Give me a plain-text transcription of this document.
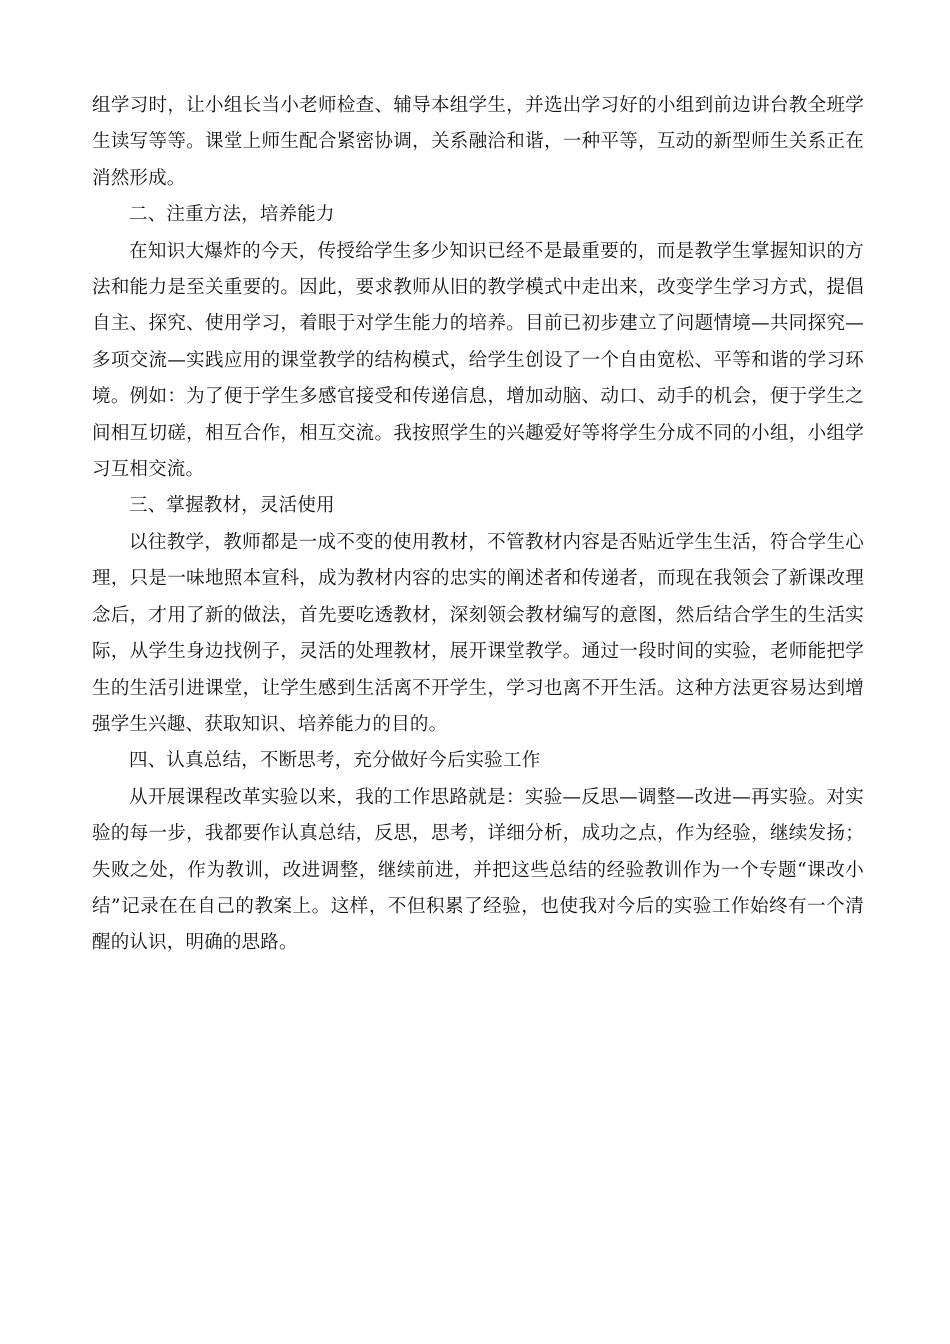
组学习时，让小组长当小老师检查、辅导本组学生，并选出学习好的小组到前边讲台教全班学生读写等等。课堂上师生配合紧密协调，关系融洽和谐，一种平等，互动的新型师生关系正在消然形成。

二、注重方法，培养能力

在知识大爆炸的今天，传授给学生多少知识已经不是最重要的，而是教学生掌握知识的方法和能力是至关重要的。因此，要求教师从旧的教学模式中走出来，改变学生学习方式，提倡自主、探究、使用学习，着眼于对学生能力的培养。目前已初步建立了问题情境—共同探究—多项交流—实践应用的课堂教学的结构模式，给学生创设了一个自由宽松、平等和谐的学习环境。例如：为了便于学生多感官接受和传递信息，增加动脑、动口、动手的机会，便于学生之间相互切磋，相互合作，相互交流。我按照学生的兴趣爱好等将学生分成不同的小组，小组学习互相交流。

三、掌握教材，灵活使用

以往教学，教师都是一成不变的使用教材，不管教材内容是否贴近学生生活，符合学生心理，只是一味地照本宣科，成为教材内容的忠实的阐述者和传递者，而现在我领会了新课改理念后，才用了新的做法，首先要吃透教材，深刻领会教材编写的意图，然后结合学生的生活实际，从学生身边找例子，灵活的处理教材，展开课堂教学。通过一段时间的实验，老师能把学生的生活引进课堂，让学生感到生活离不开学生，学习也离不开生活。这种方法更容易达到增强学生兴趣、获取知识、培养能力的目的。

四、认真总结，不断思考，充分做好今后实验工作

从开展课程改革实验以来，我的工作思路就是：实验—反思—调整—改进—再实验。对实验的每一步，我都要作认真总结，反思，思考，详细分析，成功之点，作为经验，继续发扬；失败之处，作为教训，改进调整，继续前进，并把这些总结的经验教训作为一个专题“课改小结”记录在在自己的教案上。这样，不但积累了经验，也使我对今后的实验工作始终有一个清醒的认识，明确的思路。
